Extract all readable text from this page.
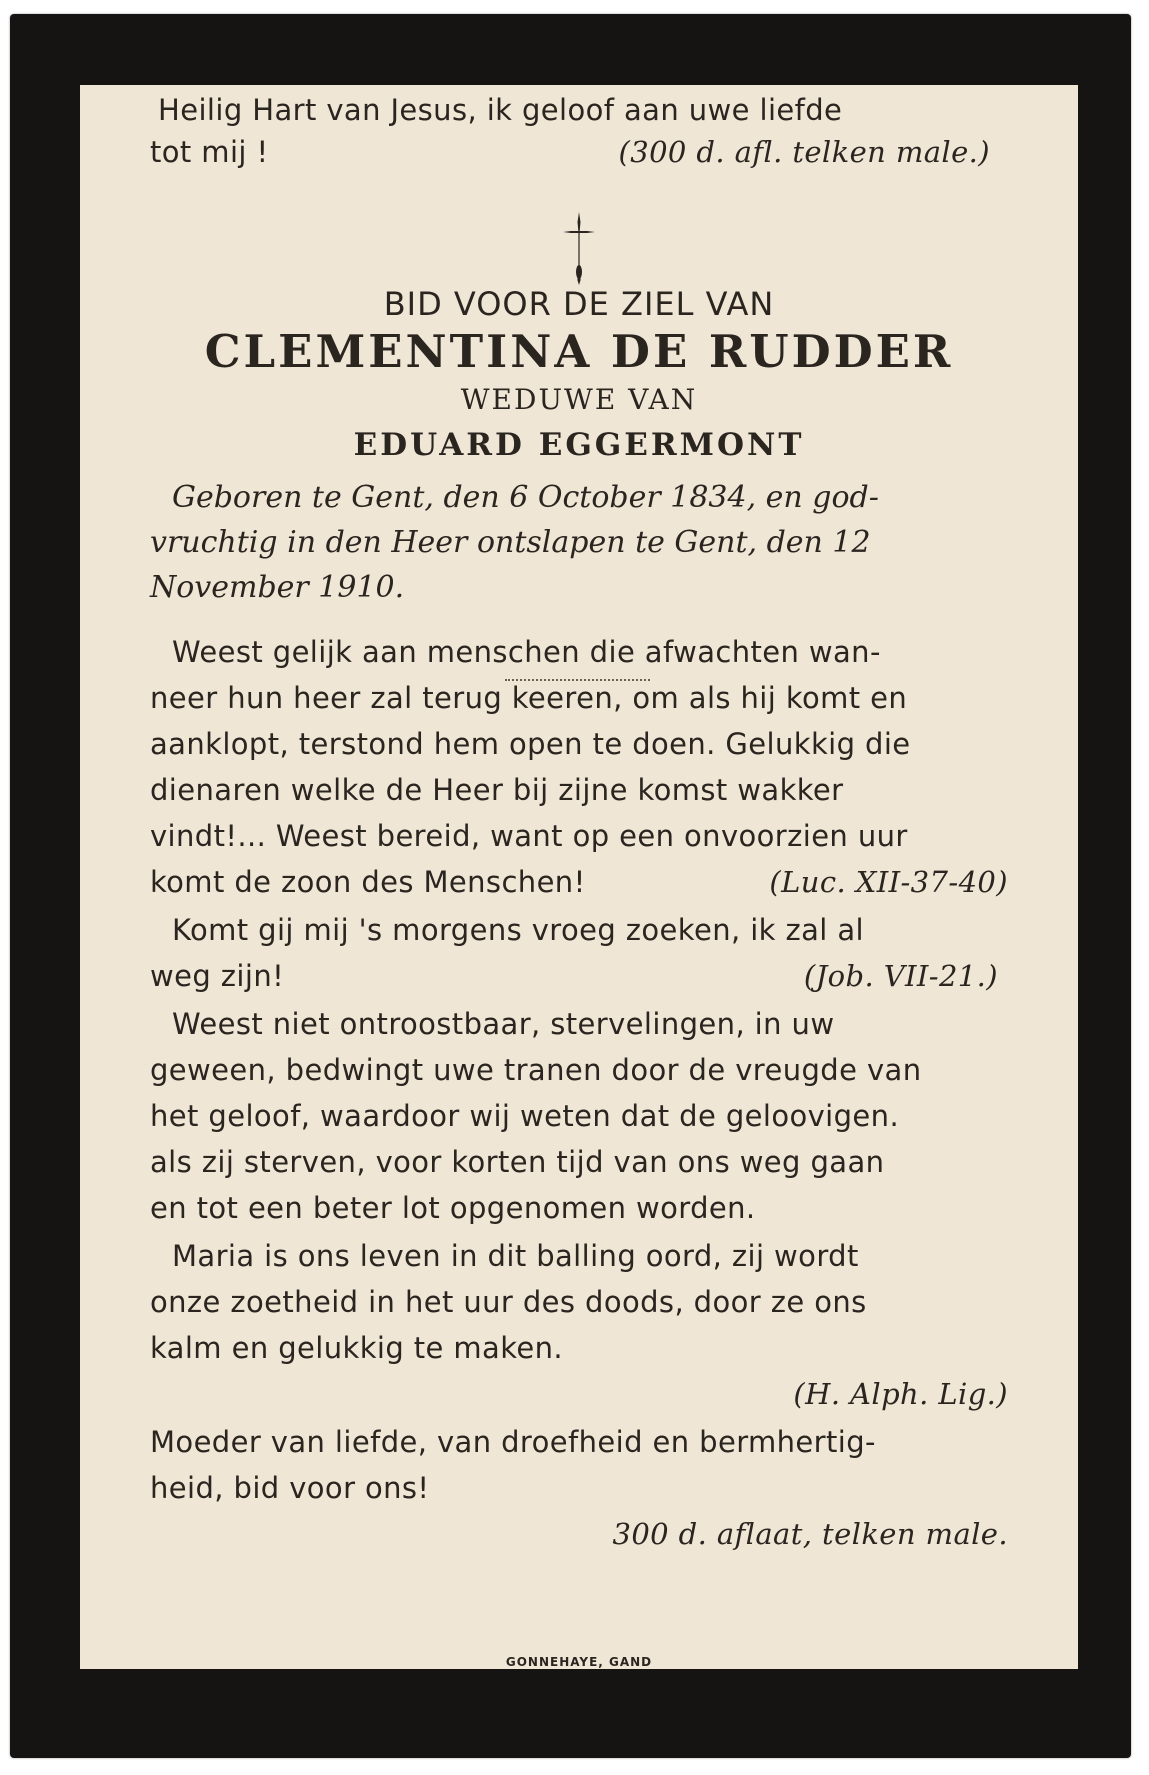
Heilig Hart van Jesus, ik geloof aan uwe liefde
tot mij !	(300 d. afl. telken male.)
BID VOOR DE ZIEL VAN
CLEMENTINA DE RUDDER
WEDUWE VAN
EDUARD EGGERMONT
Geboren te Gent, den 6 October 1834, en god-
vruchtig in den Heer ontslapen te Gent, den 12
November 1910.
Weest gelijk aan menschen die afwachten wan-
neer hun heer zal terug keeren, om als hij komt en
aanklopt, terstond hem open te doen. Gelukkig die
dienaren welke de Heer bij zijne komst wakker
vindt!... Weest bereid, want op een onvoorzien uur
komt de zoon des Menschen!	(Luc. XII-37-40)
Komt gij mij 's morgens vroeg zoeken, ik zal al
weg zijn!	(Job. VII-21.)
Weest niet ontroostbaar, stervelingen, in uw
geween, bedwingt uwe tranen door de vreugde van
het geloof, waardoor wij weten dat de geloovigen.
als zij sterven, voor korten tijd van ons weg gaan
en tot een beter lot opgenomen worden.
Maria is ons leven in dit balling oord, zij wordt
onze zoetheid in het uur des doods, door ze ons
kalm en gelukkig te maken.
(H. Alph. Lig.)
Moeder van liefde, van droefheid en bermhertig-
heid, bid voor ons!
300 d. aflaat, telken male.
GONNEHAYE, GAND
